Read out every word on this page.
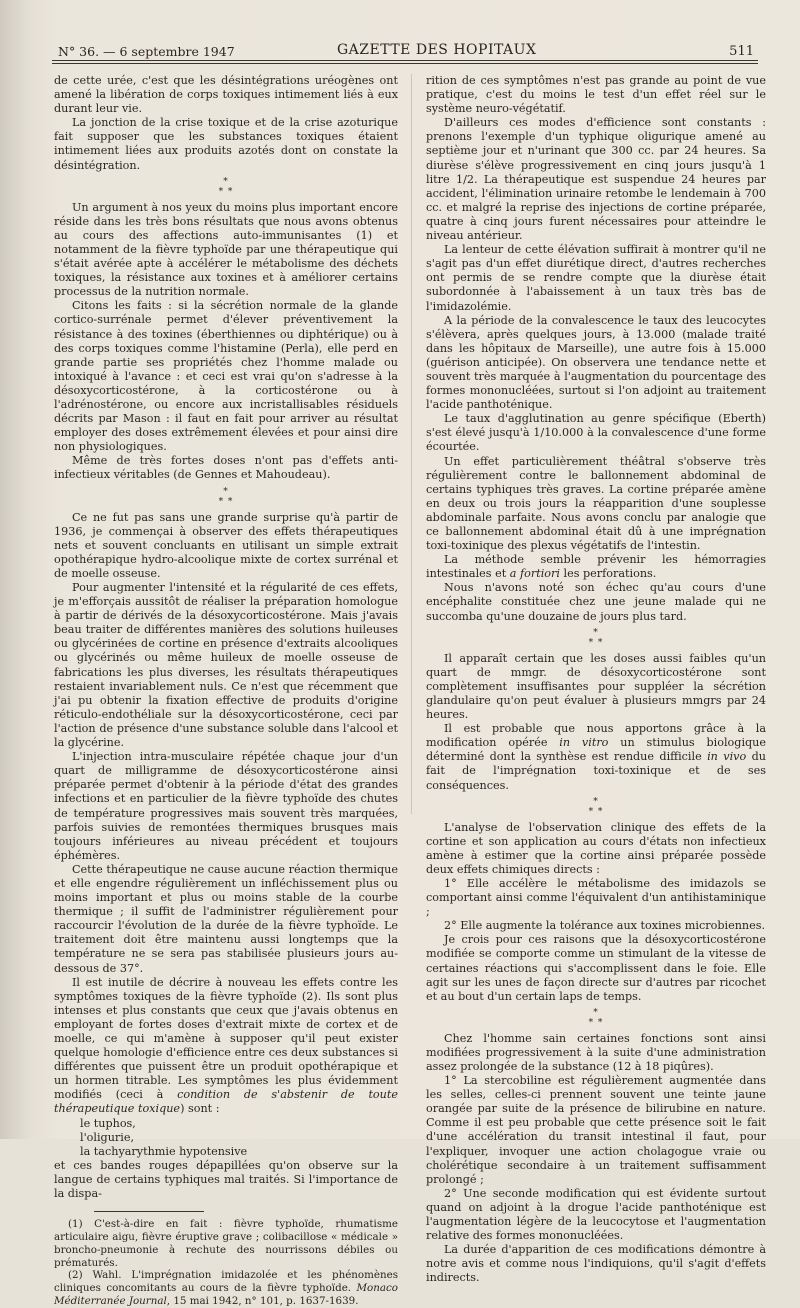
N° 36. — 6 septembre 1947	GAZETTE DES HOPITAUX	511

de cette urée, c'est que les désintégrations uréogènes ont amené la libération de corps toxiques intimement liés à eux durant leur vie.

La jonction de la crise toxique et de la crise azoturique fait supposer que les substances toxiques étaient intimement liées aux produits azotés dont on constate la désintégration.

*
* *

Un argument à nos yeux du moins plus important encore réside dans les très bons résultats que nous avons obtenus au cours des affections auto-immunisantes (1) et notamment de la fièvre typhoïde par une thérapeutique qui s'était avérée apte à accélérer le métabolisme des déchets toxiques, la résistance aux toxines et à améliorer certains processus de la nutrition normale.

Citons les faits : si la sécrétion normale de la glande cortico-surrénale permet d'élever préventivement la résistance à des toxines (éberthiennes ou diphtérique) ou à des corps toxiques comme l'histamine (Perla), elle perd en grande partie ses propriétés chez l'homme malade ou intoxiqué à l'avance : et ceci est vrai qu'on s'adresse à la désoxycorticostérone, à la corticostérone ou à l'adrénostérone, ou encore aux incristallisables résiduels décrits par Mason : il faut en fait pour arriver au résultat employer des doses extrêmement élevées et pour ainsi dire non physiologiques.

Même de très fortes doses n'ont pas d'effets anti-infectieux véritables (de Gennes et Mahoudeau).

*
* *

Ce ne fut pas sans une grande surprise qu'à partir de 1936, je commençai à observer des effets thérapeutiques nets et souvent concluants en utilisant un simple extrait opothérapique hydro-alcoolique mixte de cortex surrénal et de moelle osseuse.

Pour augmenter l'intensité et la régularité de ces effets, je m'efforçais aussitôt de réaliser la préparation homologue à partir de dérivés de la désoxycorticostérone. Mais j'avais beau traiter de différentes manières des solutions huileuses ou glycérinées de cortine en présence d'extraits alcooliques ou glycérinés ou même huileux de moelle osseuse de fabrications les plus diverses, les résultats thérapeutiques restaient invariablement nuls. Ce n'est que récemment que j'ai pu obtenir la fixation effective de produits d'origine réticulo-endothéliale sur la désoxycorticostérone, ceci par l'action de présence d'une substance soluble dans l'alcool et la glycérine.

L'injection intra-musculaire répétée chaque jour d'un quart de milligramme de désoxycorticostérone ainsi préparée permet d'obtenir à la période d'état des grandes infections et en particulier de la fièvre typhoïde des chutes de température progressives mais souvent très marquées, parfois suivies de remontées thermiques brusques mais toujours inférieures au niveau précédent et toujours éphémères.

Cette thérapeutique ne cause aucune réaction thermique et elle engendre régulièrement un infléchissement plus ou moins important et plus ou moins stable de la courbe thermique ; il suffit de l'administrer régulièrement pour raccourcir l'évolution de la durée de la fièvre typhoïde. Le traitement doit être maintenu aussi longtemps que la température ne se sera pas stabilisée plusieurs jours au-dessous de 37°.

Il est inutile de décrire à nouveau les effets contre les symptômes toxiques de la fièvre typhoïde (2). Ils sont plus intenses et plus constants que ceux que j'avais obtenus en employant de fortes doses d'extrait mixte de cortex et de moelle, ce qui m'amène à supposer qu'il peut exister quelque homologie d'efficience entre ces deux substances si différentes que puissent être un produit opothérapique et un hormen titrable. Les symptômes les plus évidemment modifiés (ceci à condition de s'abstenir de toute thérapeutique toxique) sont :

le tuphos,

l'oligurie,

la tachyarythmie hypotensive

et ces bandes rouges dépapillées qu'on observe sur la langue de certains typhiques mal traités. Si l'importance de la dispa-

(1) C'est-à-dire en fait : fièvre typhoïde, rhumatisme articulaire aigu, fièvre éruptive grave ; colibacillose « médicale » broncho-pneumonie à rechute des nourrissons débiles ou prématurés.

(2) Wahl. L'imprégnation imidazolée et les phénomènes cliniques concomitants au cours de la fièvre typhoïde. Monaco Méditerranée Journal, 15 mai 1942, n° 101, p. 1637-1639.

rition de ces symptômes n'est pas grande au point de vue pratique, c'est du moins le test d'un effet réel sur le système neuro-végétatif.

D'ailleurs ces modes d'efficience sont constants : prenons l'exemple d'un typhique oligurique amené au septième jour et n'urinant que 300 cc. par 24 heures. Sa diurèse s'élève progressivement en cinq jours jusqu'à 1 litre 1/2. La thérapeutique est suspendue 24 heures par accident, l'élimination urinaire retombe le lendemain à 700 cc. et malgré la reprise des injections de cortine préparée, quatre à cinq jours furent nécessaires pour atteindre le niveau antérieur.

La lenteur de cette élévation suffirait à montrer qu'il ne s'agit pas d'un effet diurétique direct, d'autres recherches ont permis de se rendre compte que la diurèse était subordonnée à l'abaissement à un taux très bas de l'imidazolémie.

A la période de la convalescence le taux des leucocytes s'élèvera, après quelques jours, à 13.000 (malade traité dans les hôpitaux de Marseille), une autre fois à 15.000 (guérison anticipée). On observera une tendance nette et souvent très marquée à l'augmentation du pourcentage des formes mononucléées, surtout si l'on adjoint au traitement l'acide panthoténique.

Le taux d'agglutination au genre spécifique (Eberth) s'est élevé jusqu'à 1/10.000 à la convalescence d'une forme écourtée.

Un effet particulièrement théâtral s'observe très régulièrement contre le ballonnement abdominal de certains typhiques très graves. La cortine préparée amène en deux ou trois jours la réapparition d'une souplesse abdominale parfaite. Nous avons conclu par analogie que ce ballonnement abdominal était dû à une imprégnation toxi-toxinique des plexus végétatifs de l'intestin.

La méthode semble prévenir les hémorragies intestinales et a fortiori les perforations.

Nous n'avons noté son échec qu'au cours d'une encéphalite constituée chez une jeune malade qui ne succomba qu'une douzaine de jours plus tard.

*
* *

Il apparaît certain que les doses aussi faibles qu'un quart de mmgr. de désoxycorticostérone sont complètement insuffisantes pour suppléer la sécrétion glandulaire qu'on peut évaluer à plusieurs mmgrs par 24 heures.

Il est probable que nous apportons grâce à la modification opérée in vitro un stimulus biologique déterminé dont la synthèse est rendue difficile in vivo du fait de l'imprégnation toxi-toxinique et de ses conséquences.

*
* *

L'analyse de l'observation clinique des effets de la cortine et son application au cours d'états non infectieux amène à estimer que la cortine ainsi préparée possède deux effets chimiques directs :

1° Elle accélère le métabolisme des imidazols se comportant ainsi comme l'équivalent d'un antihistaminique ;

2° Elle augmente la tolérance aux toxines microbiennes.

Je crois pour ces raisons que la désoxycorticostérone modifiée se comporte comme un stimulant de la vitesse de certaines réactions qui s'accomplissent dans le foie. Elle agit sur les unes de façon directe sur d'autres par ricochet et au bout d'un certain laps de temps.

*
* *

Chez l'homme sain certaines fonctions sont ainsi modifiées progressivement à la suite d'une administration assez prolongée de la substance (12 à 18 piqûres).

1° La stercobiline est régulièrement augmentée dans les selles, celles-ci prennent souvent une teinte jaune orangée par suite de la présence de bilirubine en nature. Comme il est peu probable que cette présence soit le fait d'une accélération du transit intestinal il faut, pour l'expliquer, invoquer une action cholagogue vraie ou cholérétique secondaire à un traitement suffisamment prolongé ;

2° Une seconde modification qui est évidente surtout quand on adjoint à la drogue l'acide panthoténique est l'augmentation légère de la leucocytose et l'augmentation relative des formes mononucléées.

La durée d'apparition de ces modifications démontre à notre avis et comme nous l'indiquions, qu'il s'agit d'effets indirects.
